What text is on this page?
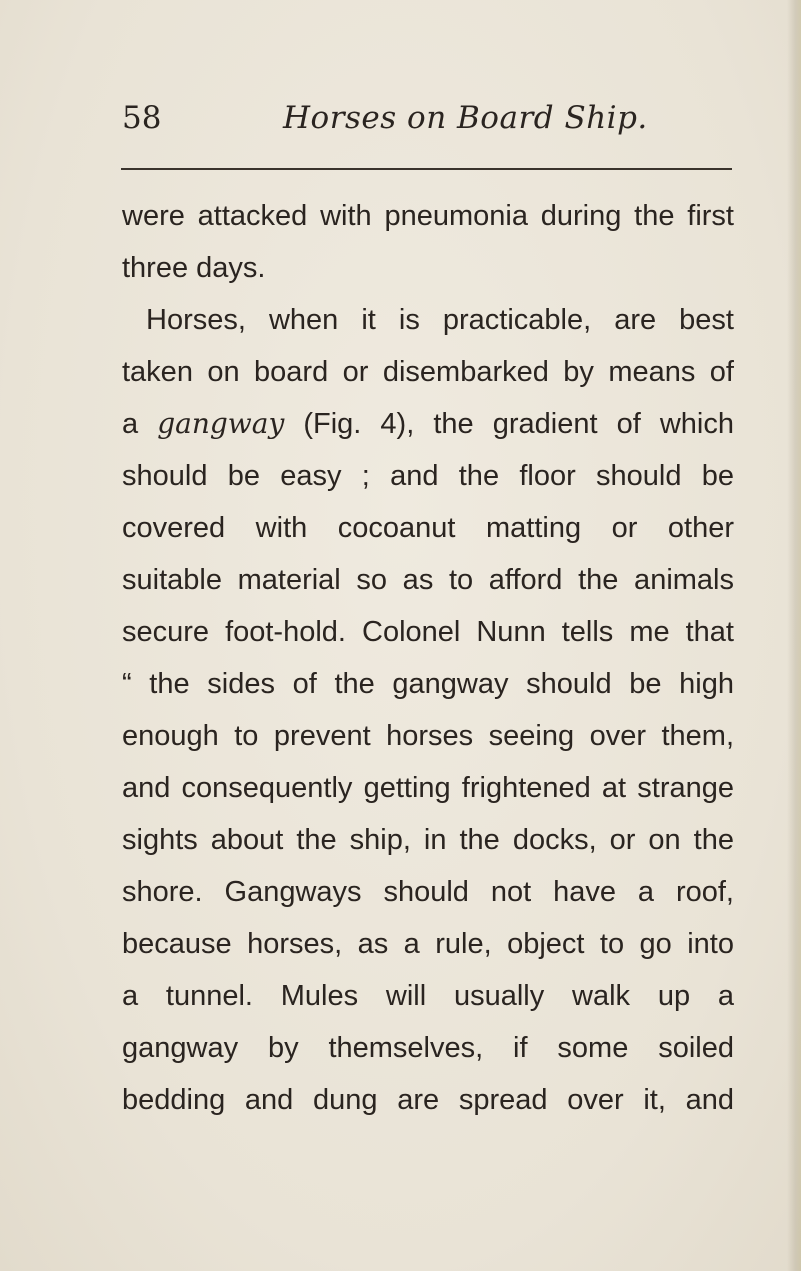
58	Horses on Board Ship.
were attacked with pneumonia during the first
three days.
Horses, when it is practicable, are best
taken on board or disembarked by means of
a gangway (Fig. 4), the gradient of which
should be easy ; and the floor should be
covered with cocoanut matting or other
suitable material so as to afford the animals
secure foot-hold. Colonel Nunn tells me that
“ the sides of the gangway should be high
enough to prevent horses seeing over them,
and consequently getting frightened at strange
sights about the ship, in the docks, or on the
shore. Gangways should not have a roof,
because horses, as a rule, object to go into
a tunnel. Mules will usually walk up a
gangway by themselves, if some soiled
bedding and dung are spread over it, and
